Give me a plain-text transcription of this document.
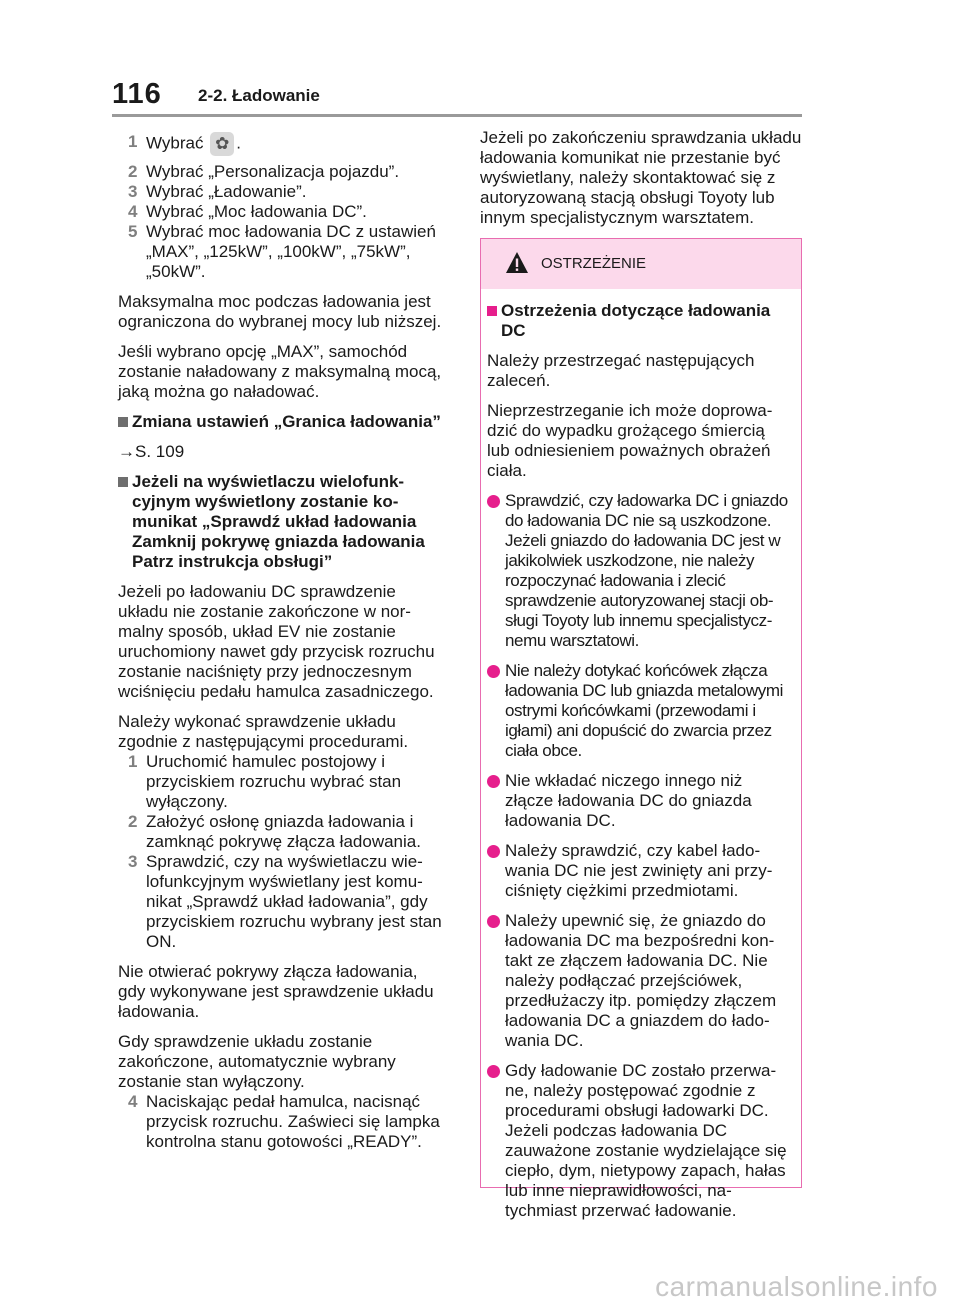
116 2-2. Ładowanie
1 Wybrać ✿ .
2 Wybrać „Personalizacja pojazdu”.
3 Wybrać „Ładowanie”.
4 Wybrać „Moc ładowania DC”.
5 Wybrać moc ładowania DC z ustawień „MAX”, „125kW”, „100kW”, „75kW”, „50kW”.

Maksymalna moc podczas ładowania jest ograniczona do wybranej mocy lub niższej.

Jeśli wybrano opcję „MAX”, samochód zostanie naładowany z maksymalną mocą, jaką można go naładować.

Zmiana ustawień „Granica ładowania”

→S. 109

Jeżeli na wyświetlaczu wielofunkcyjnym wyświetlony zostanie komunikat „Sprawdź układ ładowania Zamknij pokrywę gniazda ładowania Patrz instrukcja obsługi”

Jeżeli po ładowaniu DC sprawdzenie układu nie zostanie zakończone w normalny sposób, układ EV nie zostanie uruchomiony nawet gdy przycisk rozruchu zostanie naciśnięty przy jednoczesnym wciśnięciu pedału hamulca zasadniczego.

Należy wykonać sprawdzenie układu zgodnie z następującymi procedurami.

1 Uruchomić hamulec postojowy i przyciskiem rozruchu wybrać stan wyłączony.
2 Założyć osłonę gniazda ładowania i zamknąć pokrywę złącza ładowania.
3 Sprawdzić, czy na wyświetlaczu wielofunkcyjnym wyświetlany jest komunikat „Sprawdź układ ładowania”, gdy przyciskiem rozruchu wybrany jest stan ON.

Nie otwierać pokrywy złącza ładowania, gdy wykonywane jest sprawdzenie układu ładowania.

Gdy sprawdzenie układu zostanie zakończone, automatycznie wybrany zostanie stan wyłączony.

4 Naciskając pedał hamulca, nacisnąć przycisk rozruchu. Zaświeci się lampka kontrolna stanu gotowości „READY”.

Jeżeli po zakończeniu sprawdzania układu ładowania komunikat nie przestanie być wyświetlany, należy skontaktować się z autoryzowaną stacją obsługi Toyoty lub innym specjalistycznym warsztatem.

OSTRZEŻENIE
Ostrzeżenia dotyczące ładowania DC

Należy przestrzegać następujących zaleceń.

Nieprzestrzeganie ich może doprowadzić do wypadku grożącego śmiercią lub odniesieniem poważnych obrażeń ciała.

Sprawdzić, czy ładowarka DC i gniazdo do ładowania DC nie są uszkodzone. Jeżeli gniazdo do ładowania DC jest w jakikolwiek uszkodzone, nie należy rozpoczynać ładowania i zlecić sprawdzenie autoryzowanej stacji obsługi Toyoty lub innemu specjalistycznemu warsztatowi.
Nie należy dotykać końcówek złącza ładowania DC lub gniazda metalowymi ostrymi końcówkami (przewodami i igłami) ani dopuścić do zwarcia przez ciała obce.
Nie wkładać niczego innego niż złącze ładowania DC do gniazda ładowania DC.
Należy sprawdzić, czy kabel ładowania DC nie jest zwinięty ani przyciśnięty ciężkimi przedmiotami.
Należy upewnić się, że gniazdo do ładowania DC ma bezpośredni kontakt ze złączem ładowania DC. Nie należy podłączać przejściówek, przedłużaczy itp. pomiędzy złączem ładowania DC a gniazdem do ładowania DC.
Gdy ładowanie DC zostało przerwane, należy postępować zgodnie z procedurami obsługi ładowarki DC. Jeżeli podczas ładowania DC zauważone zostanie wydzielające się ciepło, dym, nietypowy zapach, hałas lub inne nieprawidłowości, natychmiast przerwać ładowanie.
carmanualsonline.info
